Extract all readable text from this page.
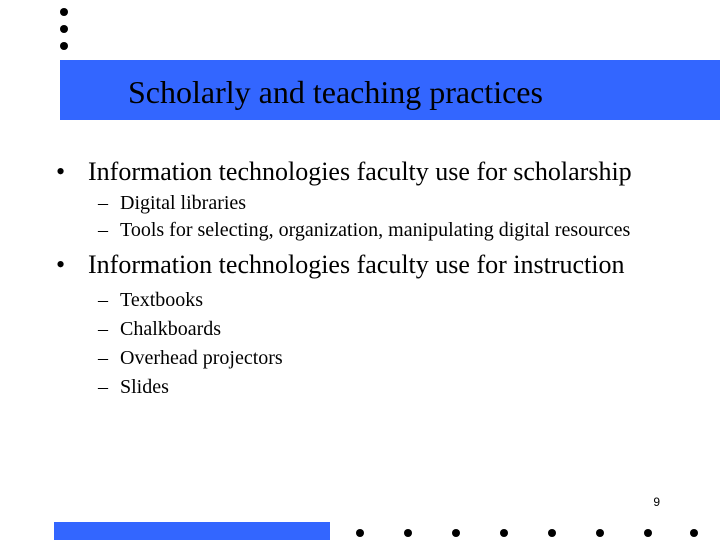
Scholarly and teaching practices
• Information technologies faculty use for scholarship
– Digital libraries
– Tools for selecting, organization, manipulating digital resources
• Information technologies faculty use for instruction
– Textbooks
– Chalkboards
– Overhead projectors
– Slides
9
